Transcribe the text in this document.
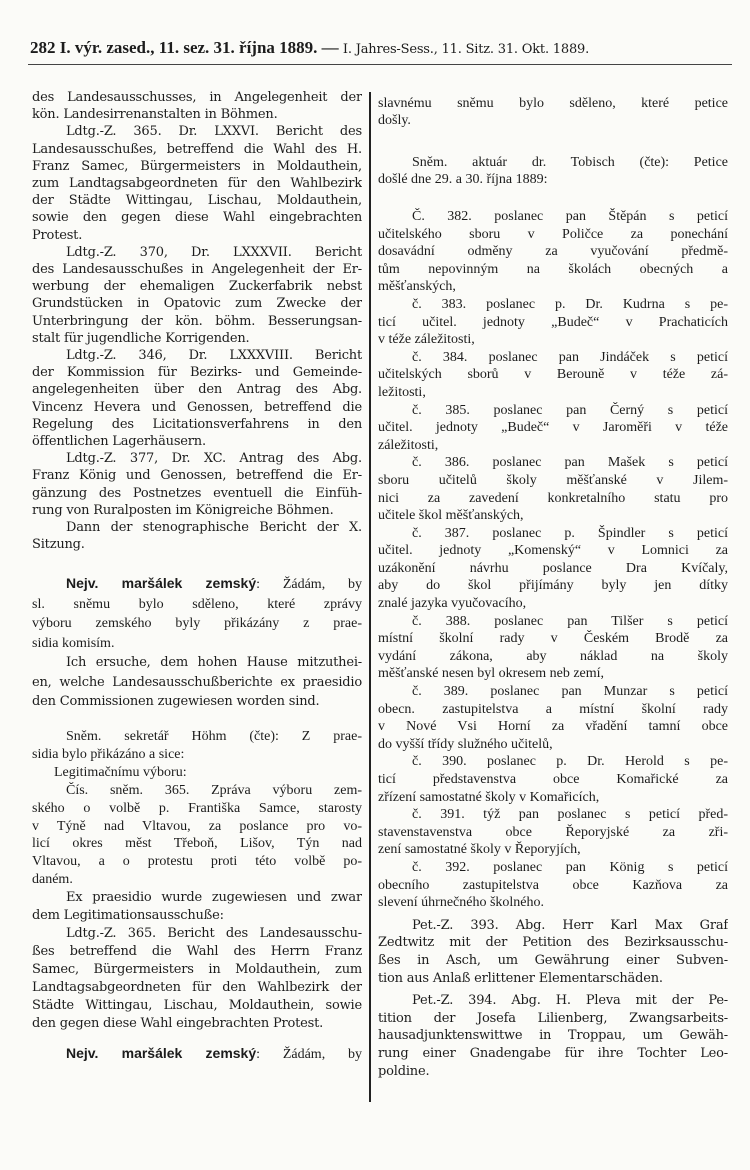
282 I. výr. zased., 11. sez. 31. října 1889. — I. Jahres-Sess., 11. Sitz. 31. Okt. 1889.
des Landesausschusses, in Angelegenheit der
kön. Landesirrenanstalten in Böhmen.
Ldtg.-Z. 365. Dr. LXXVI. Bericht des
Landesausschußes, betreffend die Wahl des H.
Franz Samec, Bürgermeisters in Moldauthein,
zum Landtagsabgeordneten für den Wahlbezirk
der Städte Wittingau, Lischau, Moldauthein,
sowie den gegen diese Wahl eingebrachten
Protest.
Ldtg.-Z. 370, Dr. LXXXVII. Bericht
des Landesausschußes in Angelegenheit der Er-
werbung der ehemaligen Zuckerfabrik nebst
Grundstücken in Opatovic zum Zwecke der
Unterbringung der kön. böhm. Besserungsan-
stalt für jugendliche Korrigenden.
Ldtg.-Z. 346, Dr. LXXXVIII. Bericht
der Kommission für Bezirks- und Gemeinde-
angelegenheiten über den Antrag des Abg.
Vincenz Hevera und Genossen, betreffend die
Regelung des Licitationsverfahrens in den
öffentlichen Lagerhäusern.
Ldtg.-Z. 377, Dr. XC. Antrag des Abg.
Franz König und Genossen, betreffend die Er-
gänzung des Postnetzes eventuell die Einfüh-
rung von Ruralposten im Königreiche Böhmen.
Dann der stenographische Bericht der X.
Sitzung.
Nejv. maršálek zemský: Žádám, by
sl. sněmu bylo sděleno, které zprávy
výboru zemského byly přikázány z prae-
sidia komisím.
Ich ersuche, dem hohen Hause mitzuthei-
en, welche Landesausschußberichte ex praesidio
den Commissionen zugewiesen worden sind.
Sněm. sekretář Höhm (čte): Z prae-
sidia bylo přikázáno a sice:
Legitimačnímu výboru:
Čís. sněm. 365. Zpráva výboru zem-
ského o volbě p. Františka Samce, starosty
v Týně nad Vltavou, za poslance pro vo-
licí okres měst Třeboň, Lišov, Týn nad
Vltavou, a o protestu proti této volbě po-
daném.
Ex praesidio wurde zugewiesen und zwar
dem Legitimationsausschuße:
Ldtg.-Z. 365. Bericht des Landesausschu-
ßes betreffend die Wahl des Herrn Franz
Samec, Bürgermeisters in Moldauthein, zum
Landtagsabgeordneten für den Wahlbezirk der
Städte Wittingau, Lischau, Moldauthein, sowie
den gegen diese Wahl eingebrachten Protest.
Nejv. maršálek zemský: Žádám, by
slavnému sněmu bylo sděleno, které petice
došly.
Sněm. aktuár dr. Tobisch (čte): Petice
došlé dne 29. a 30. října 1889:
Č. 382. poslanec pan Štěpán s peticí
učitelského sboru v Poličce za ponechání
dosavádní odměny za vyučování předmě-
tům nepovinným na školách obecných a
měšťanských,
č. 383. poslanec p. Dr. Kudrna s pe-
ticí učitel. jednoty „Budeč“ v Prachaticích
v téže záležitosti,
č. 384. poslanec pan Jindáček s peticí
učitelských sborů v Berouně v téže zá-
ležitosti,
č. 385. poslanec pan Černý s peticí
učitel. jednoty „Budeč“ v Jaroměři v téže
záležitosti,
č. 386. poslanec pan Mašek s peticí
sboru učitelů školy měšťanské v Jilem-
nici za zavedení konkretalního statu pro
učitele škol měšťanských,
č. 387. poslanec p. Špindler s peticí
učitel. jednoty „Komenský“ v Lomnici za
uzákonění návrhu poslance Dra Kvíčaly,
aby do škol přijímány byly jen dítky
znalé jazyka vyučovacího,
č. 388. poslanec pan Tilšer s peticí
místní školní rady v Českém Brodě za
vydání zákona, aby náklad na školy
měšťanské nesen byl okresem neb zemí,
č. 389. poslanec pan Munzar s peticí
obecn. zastupitelstva a místní školní rady
v Nové Vsi Horní za vřadění tamní obce
do vyšší třídy služného učitelů,
č. 390. poslanec p. Dr. Herold s pe-
ticí představenstva obce Komařické za
zřízení samostatné školy v Komařicích,
č. 391. týž pan poslanec s peticí před-
stavenstavenstva obce Řeporyjské za zři-
zení samostatné školy v Řeporyjích,
č. 392. poslanec pan König s peticí
obecního zastupitelstva obce Kazňova za
slevení úhrnečného školného.
Pet.-Z. 393. Abg. Herr Karl Max Graf
Zedtwitz mit der Petition des Bezirksausschu-
ßes in Asch, um Gewährung einer Subven-
tion aus Anlaß erlittener Elementarschäden.
Pet.-Z. 394. Abg. H. Pleva mit der Pe-
tition der Josefa Lilienberg, Zwangsarbeits-
hausadjunktenswittwe in Troppau, um Gewäh-
rung einer Gnadengabe für ihre Tochter Leo-
poldine.
